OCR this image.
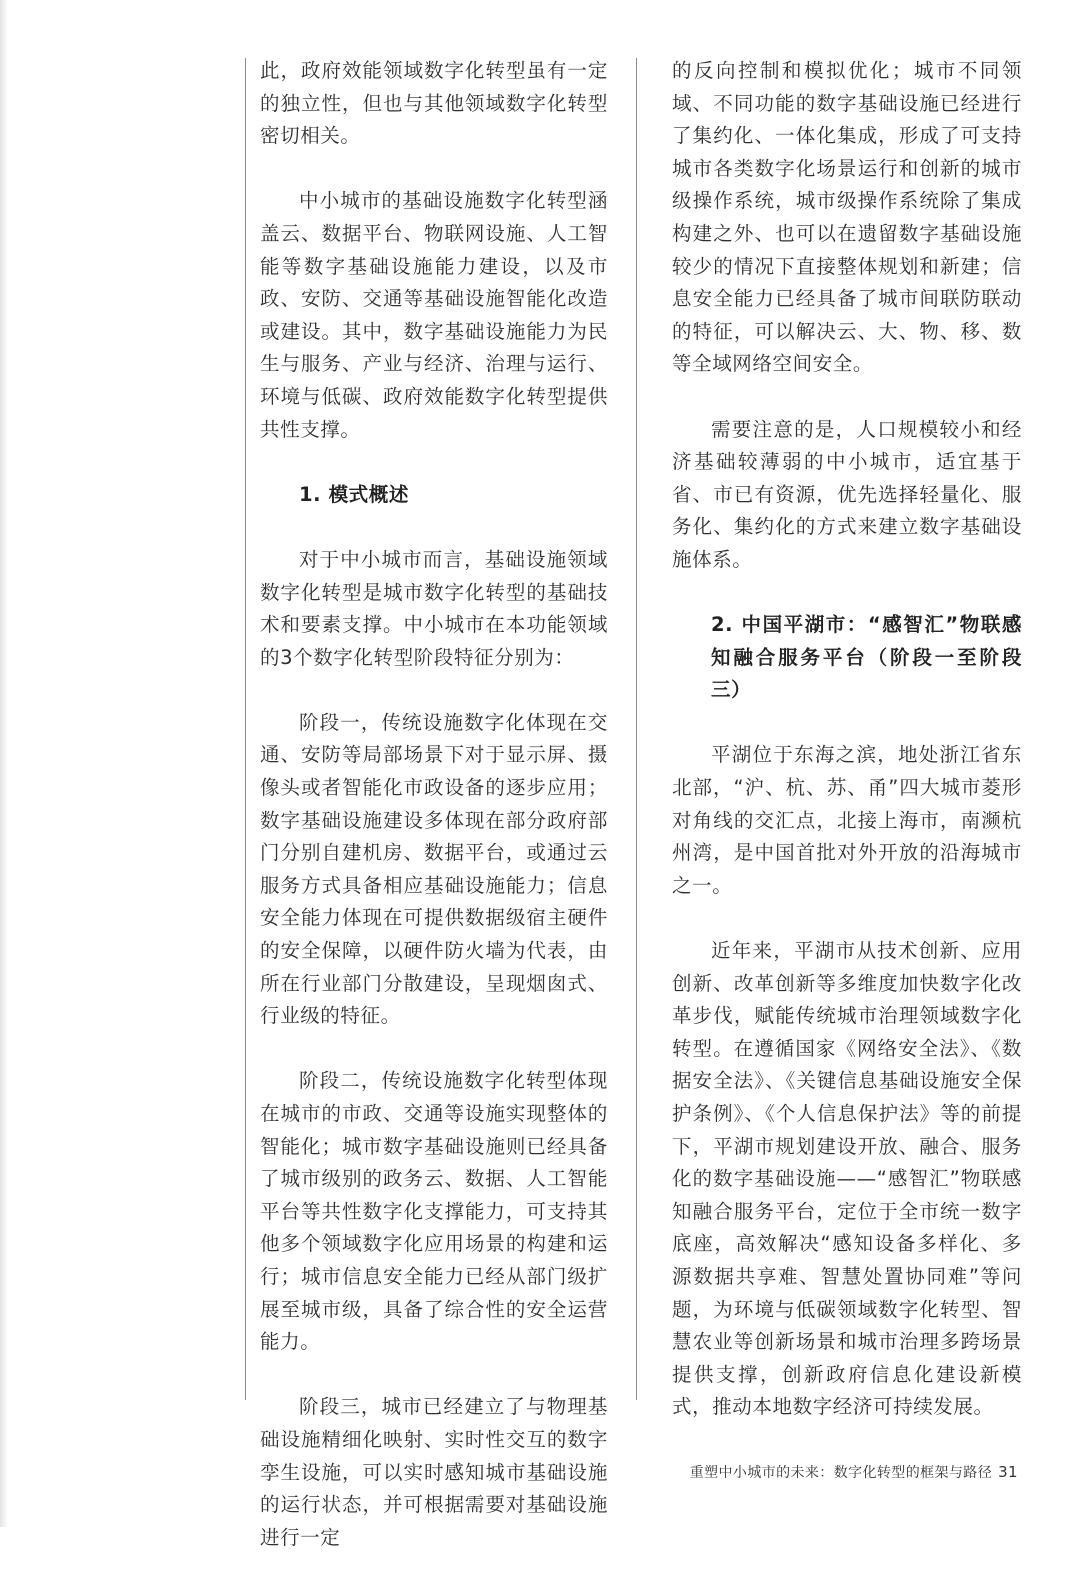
此，政府效能领域数字化转型虽有一定的独立性，但也与其他领域数字化转型密切相关。

中小城市的基础设施数字化转型涵盖云、数据平台、物联网设施、人工智能等数字基础设施能力建设，以及市政、安防、交通等基础设施智能化改造或建设。其中，数字基础设施能力为民生与服务、产业与经济、治理与运行、环境与低碳、政府效能数字化转型提供共性支撑。

1. 模式概述

对于中小城市而言，基础设施领域数字化转型是城市数字化转型的基础技术和要素支撑。中小城市在本功能领域的3个数字化转型阶段特征分别为：

阶段一，传统设施数字化体现在交通、安防等局部场景下对于显示屏、摄像头或者智能化市政设备的逐步应用；数字基础设施建设多体现在部分政府部门分别自建机房、数据平台，或通过云服务方式具备相应基础设施能力；信息安全能力体现在可提供数据级宿主硬件的安全保障，以硬件防火墙为代表，由所在行业部门分散建设，呈现烟囱式、行业级的特征。

阶段二，传统设施数字化转型体现在城市的市政、交通等设施实现整体的智能化；城市数字基础设施则已经具备了城市级别的政务云、数据、人工智能平台等共性数字化支撑能力，可支持其他多个领域数字化应用场景的构建和运行；城市信息安全能力已经从部门级扩展至城市级，具备了综合性的安全运营能力。

阶段三，城市已经建立了与物理基础设施精细化映射、实时性交互的数字孪生设施，可以实时感知城市基础设施的运行状态，并可根据需要对基础设施进行一定

的反向控制和模拟优化；城市不同领域、不同功能的数字基础设施已经进行了集约化、一体化集成，形成了可支持城市各类数字化场景运行和创新的城市级操作系统，城市级操作系统除了集成构建之外、也可以在遗留数字基础设施较少的情况下直接整体规划和新建；信息安全能力已经具备了城市间联防联动的特征，可以解决云、大、物、移、数等全域网络空间安全。

需要注意的是，人口规模较小和经济基础较薄弱的中小城市，适宜基于省、市已有资源，优先选择轻量化、服务化、集约化的方式来建立数字基础设施体系。

2. 中国平湖市：“感智汇”物联感知融合服务平台（阶段一至阶段三）

平湖位于东海之滨，地处浙江省东北部，“沪、杭、苏、甬”四大城市菱形对角线的交汇点，北接上海市，南濒杭州湾，是中国首批对外开放的沿海城市之一。

近年来，平湖市从技术创新、应用创新、改革创新等多维度加快数字化改革步伐，赋能传统城市治理领域数字化转型。在遵循国家《网络安全法》、《数据安全法》、《关键信息基础设施安全保护条例》、《个人信息保护法》等的前提下，平湖市规划建设开放、融合、服务化的数字基础设施——“感智汇”物联感知融合服务平台，定位于全市统一数字底座，高效解决“感知设备多样化、多源数据共享难、智慧处置协同难”等问题，为环境与低碳领域数字化转型、智慧农业等创新场景和城市治理多跨场景提供支撑，创新政府信息化建设新模式，推动本地数字经济可持续发展。

重塑中小城市的未来：数字化转型的框架与路径 31
